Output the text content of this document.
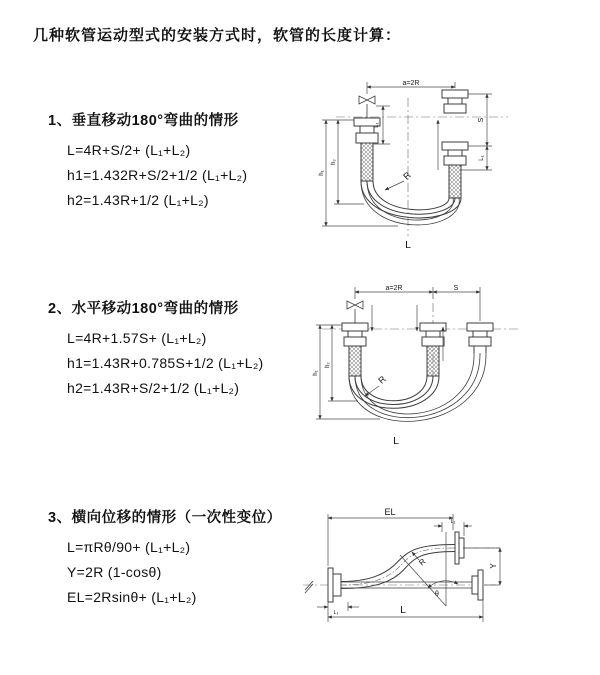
几种软管运动型式的安装方式时，软管的长度计算：
1、垂直移动180°弯曲的情形
L=4R+S/2+ (L₁+L₂)
h1=1.432R+S/2+1/2 (L₁+L₂)
h2=1.43R+1/2 (L₁+L₂)
2、水平移动180°弯曲的情形
L=4R+1.57S+ (L₁+L₂)
h1=1.43R+0.785S+1/2 (L₁+L₂)
h2=1.43R+S/2+1/2 (L₁+L₂)
3、横向位移的情形（一次性变位）
L=πRθ/90+ (L₁+L₂)
Y=2R (1-cosθ)
EL=2Rsinθ+ (L₁+L₂)
a=2R
L₁
S
L₁
h₁
h₂
R
L
a=2R	S
h₁
h₂
R
L
EL
L₁
Y
R
θ
L
L₁
